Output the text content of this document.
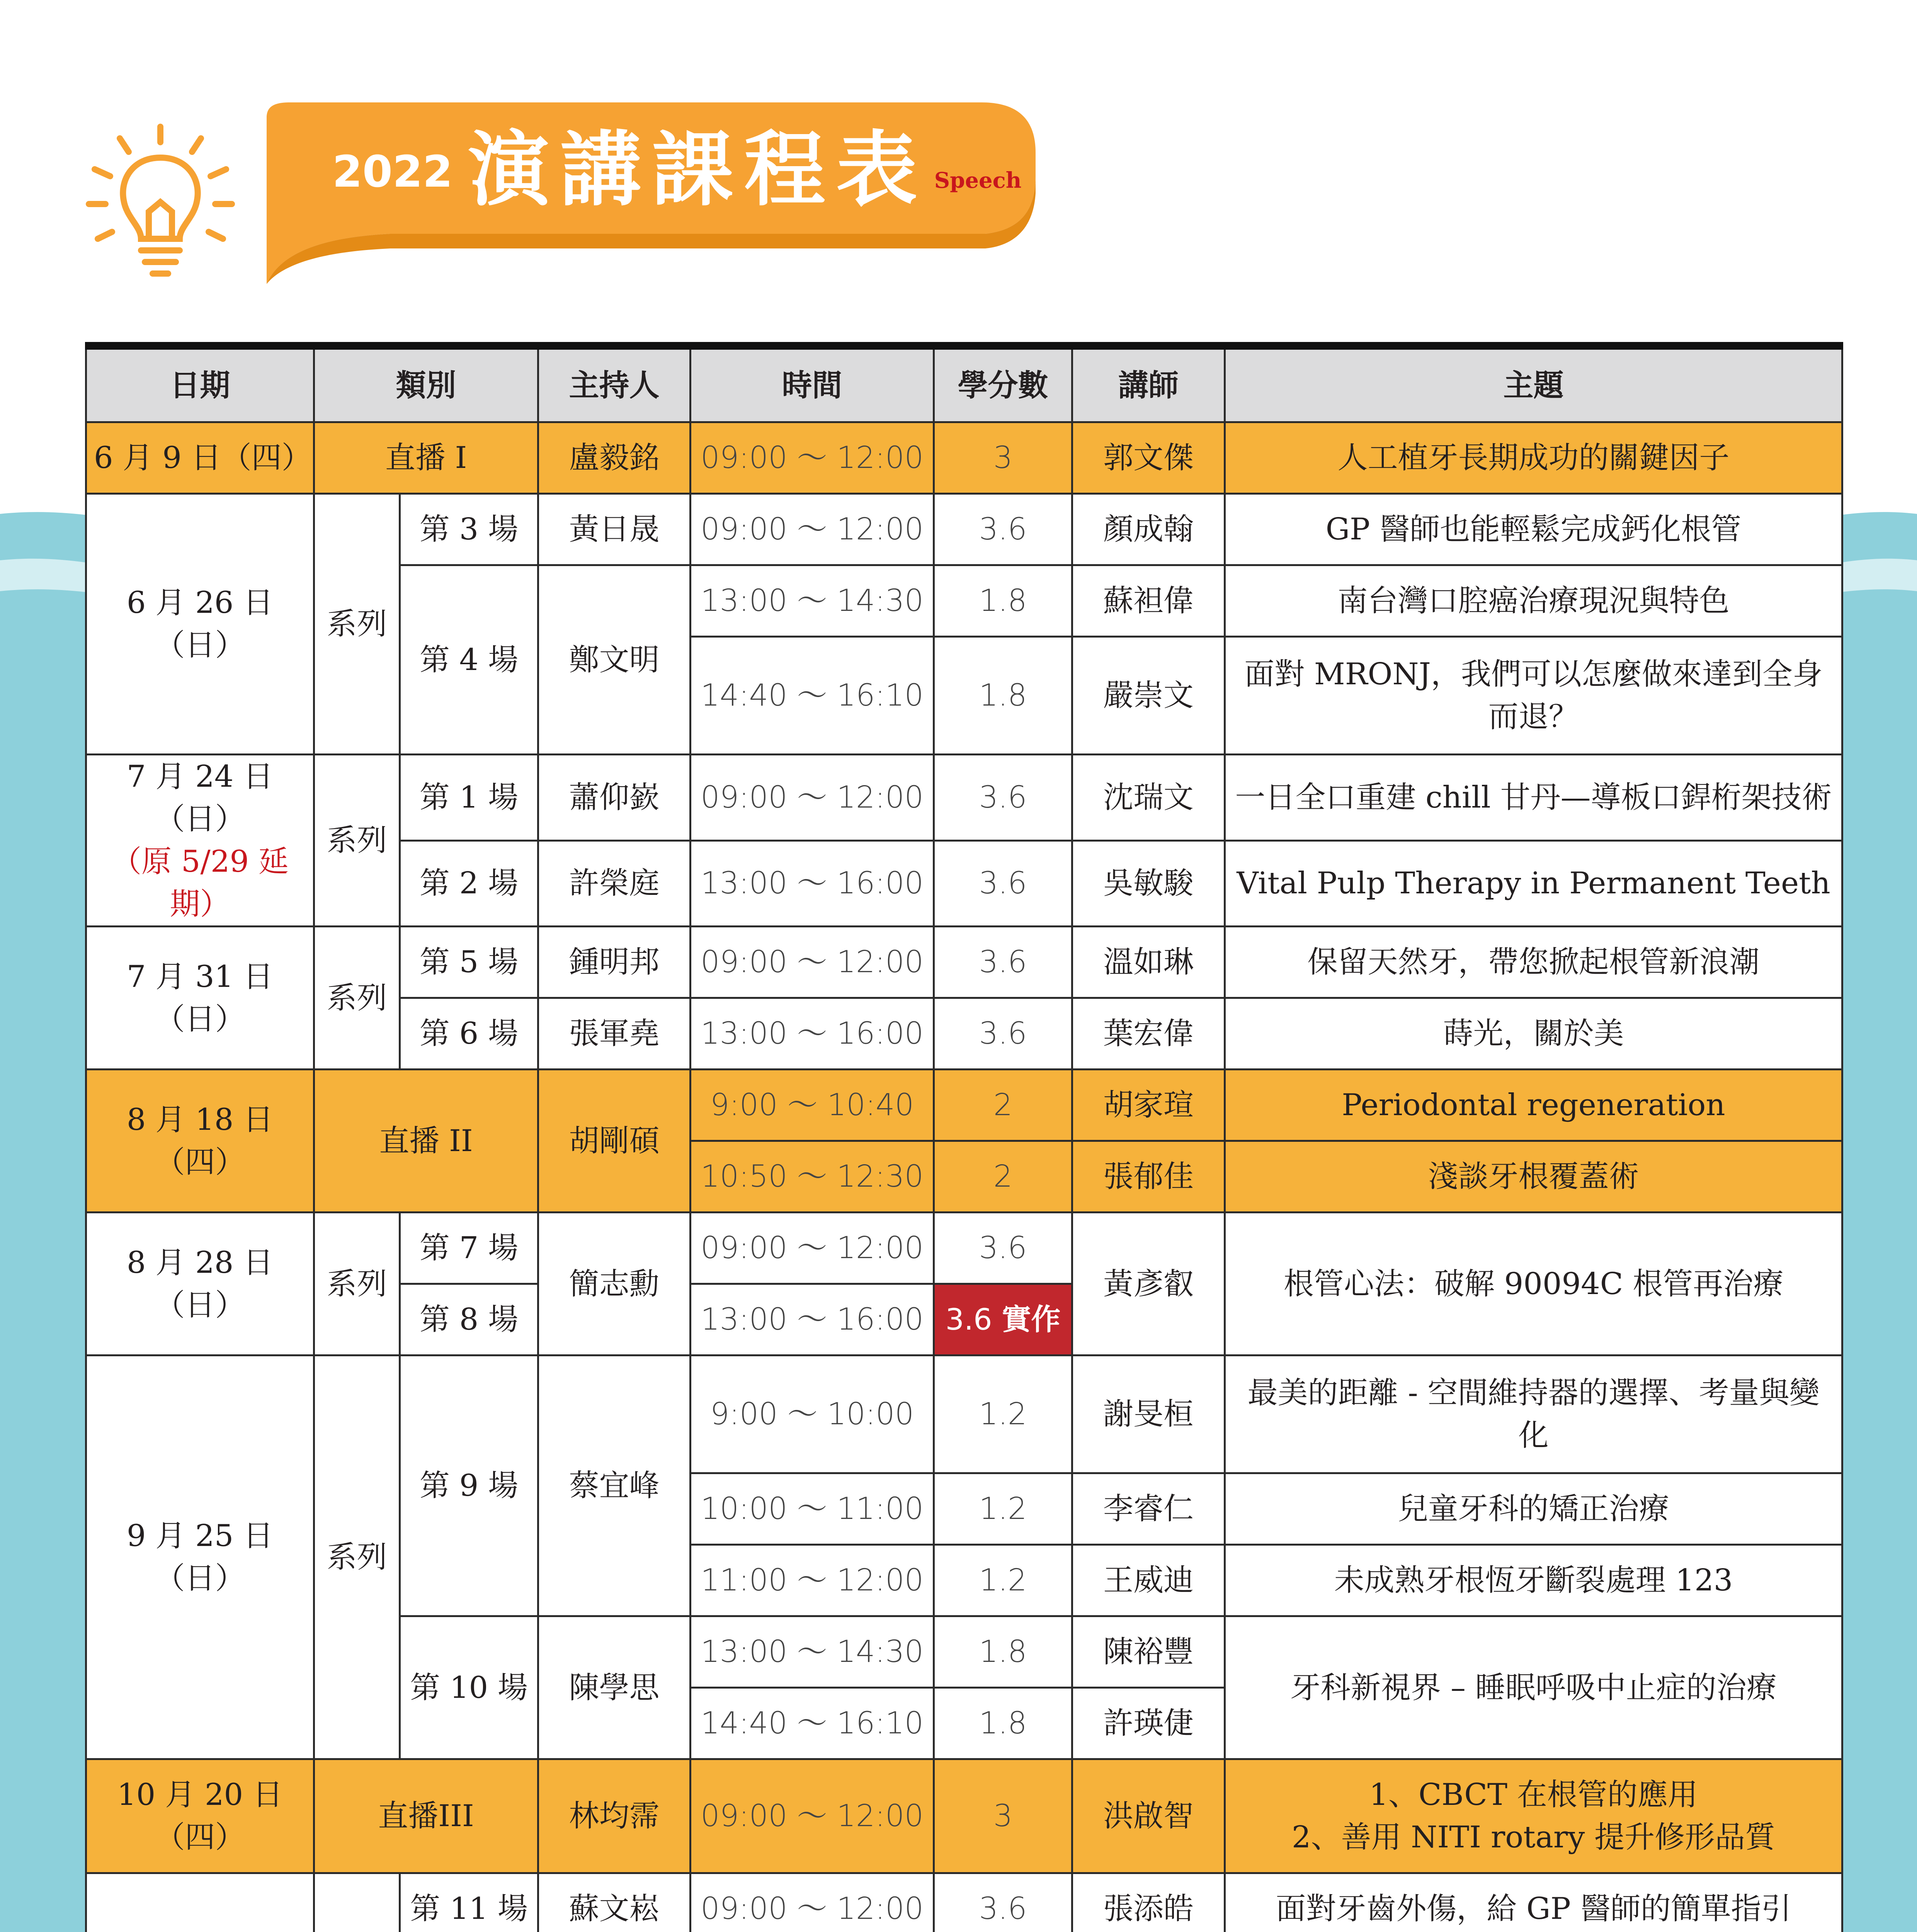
2022 演講課程表 Speech
日期	類別		主持人	時間	學分數	講師	主題
6 月 9 日（四）	直播 I		盧毅銘	09:00 ～ 12:00	3	郭文傑	人工植牙長期成功的關鍵因子
6 月 26 日（日）	系列	第 3 場	黃日晟	09:00 ～ 12:00	3.6	顏成翰	GP 醫師也能輕鬆完成鈣化根管
		第 4 場	鄭文明	13:00 ～ 14:30	1.8	蘇袒偉	南台灣口腔癌治療現況與特色
				14:40 ～ 16:10	1.8	嚴崇文	面對 MRONJ，我們可以怎麼做來達到全身而退？

7 月 24 日（日）
（原 5/29 延期）	系列	第 1 場	蕭仰嶔	09:00 ～ 12:00	3.6	沈瑞文	一日全口重建 chill 甘丹—導板口銲桁架技術
		第 2 場	許榮庭	13:00 ～ 16:00	3.6	吳敏駿	Vital Pulp Therapy in Permanent Teeth
7 月 31 日（日）	系列	第 5 場	鍾明邦	09:00 ～ 12:00	3.6	溫如琳	保留天然牙，帶您掀起根管新浪潮
		第 6 場	張軍堯	13:00 ～ 16:00	3.6	葉宏偉	蒔光，關於美
8 月 18 日（四）	直播 II		胡剛碩	9:00 ～ 10:40	2	胡家瑄	Periodontal regeneration
				10:50 ～ 12:30	2	張郁佳	淺談牙根覆蓋術
8 月 28 日（日）	系列	第 7 場	簡志勳	09:00 ～ 12:00	3.6	黃彥叡	根管心法：破解 90094C 根管再治療
		第 8 場		13:00 ～ 16:00	3.6 實作		
9 月 25 日（日）	系列	第 9 場	蔡宜峰	9:00 ～ 10:00	1.2	謝旻桓	最美的距離 - 空間維持器的選擇、考量與變化
				10:00 ～ 11:00	1.2	李睿仁	兒童牙科的矯正治療
				11:00 ～ 12:00	1.2	王威迪	未成熟牙根恆牙斷裂處理 123
		第 10 場	陳學思	13:00 ～ 14:30	1.8	陳裕豐	牙科新視界 – 睡眠呼吸中止症的治療
				14:40 ～ 16:10	1.8	許瑛倢	
10 月 20 日（四）	直播III		林均霈	09:00 ～ 12:00	3	洪啟智	1、CBCT 在根管的應用
2、善用 NITI rotary 提升修形品質

		第 11 場	蘇文崧	09:00 ～ 12:00	3.6	張添皓	面對牙齒外傷，給 GP 醫師的簡單指引
